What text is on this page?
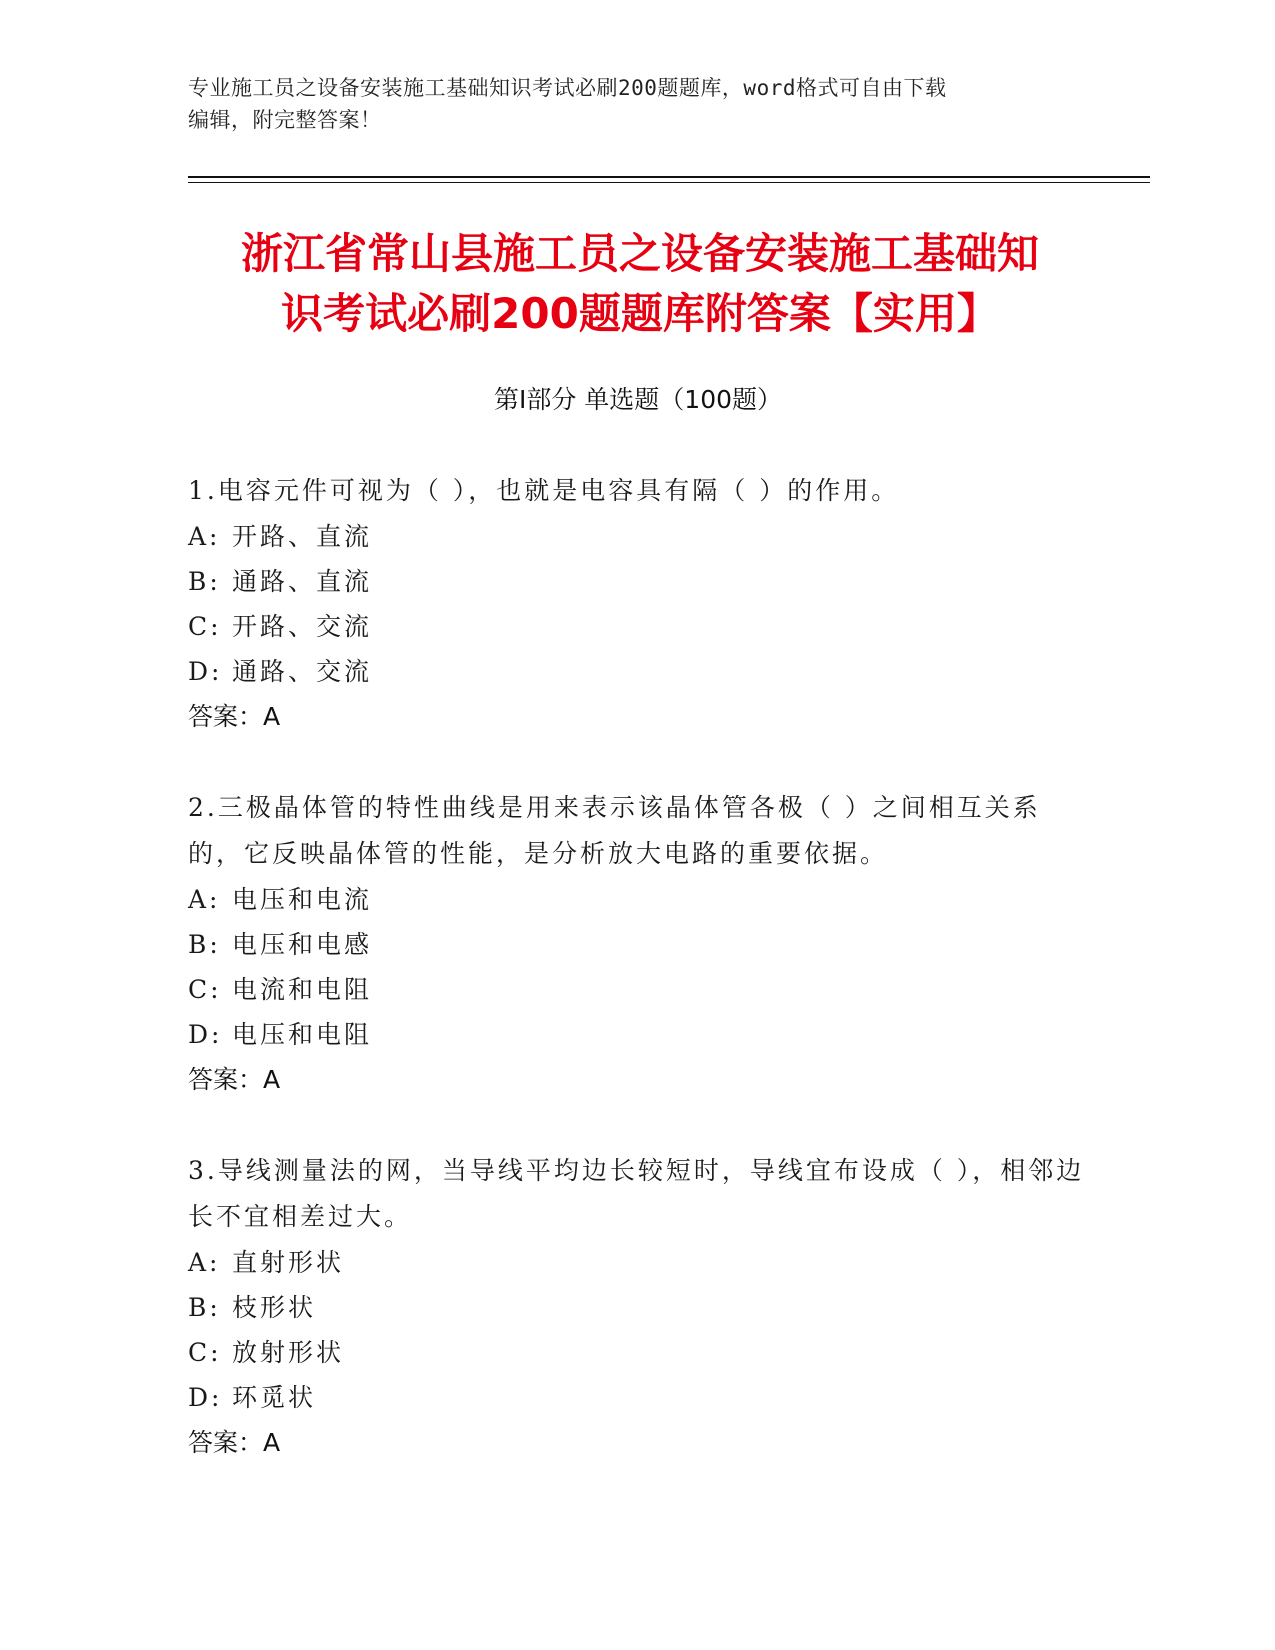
专业施工员之设备安装施工基础知识考试必刷200题题库，word格式可自由下载
编辑，附完整答案！
浙江省常山县施工员之设备安装施工基础知
识考试必刷200题题库附答案【实用】
第Ⅰ部分 单选题（100题）
1.电容元件可视为（ ），也就是电容具有隔（ ）的作用。
A: 开路、直流
B: 通路、直流
C: 开路、交流
D: 通路、交流
答案：A
2.三极晶体管的特性曲线是用来表示该晶体管各极（ ）之间相互关系的，它反映晶体管的性能，是分析放大电路的重要依据。
A: 电压和电流
B: 电压和电感
C: 电流和电阻
D: 电压和电阻
答案：A
3.导线测量法的网，当导线平均边长较短时，导线宜布设成（ ），相邻边长不宜相差过大。
A: 直射形状
B: 枝形状
C: 放射形状
D: 环觅状
答案：A
